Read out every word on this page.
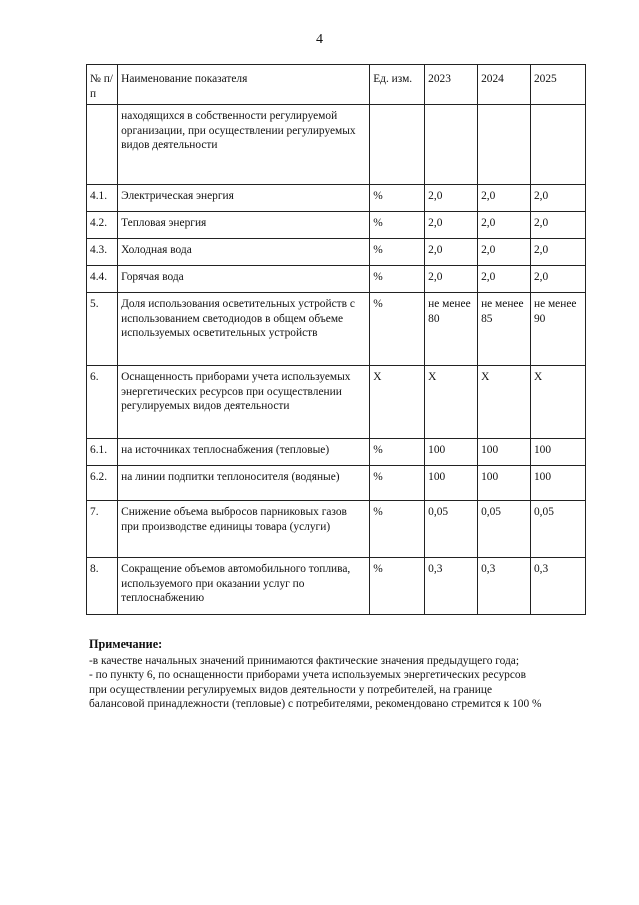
4
№ п/п	Наименование показателя	Ед. изм.	2023	2024	2025
	находящихся в собственности регулируемой организации, при осуществлении регулируемых видов деятельности				
4.1.	Электрическая энергия	%	2,0	2,0	2,0
4.2.	Тепловая энергия	%	2,0	2,0	2,0
4.3.	Холодная вода	%	2,0	2,0	2,0
4.4.	Горячая вода	%	2,0	2,0	2,0
5.	Доля использования осветительных устройств с использованием светодиодов в общем объеме используемых осветительных устройств	%	не менее 80	не менее 85	не менее 90
6.	Оснащенность приборами учета используемых энергетических ресурсов при осуществлении регулируемых видов деятельности	X	X	X	X
6.1.	на источниках теплоснабжения (тепловые)	%	100	100	100
6.2.	на линии подпитки теплоносителя (водяные)	%	100	100	100
7.	Снижение объема выбросов парниковых газов при производстве единицы товара (услуги)	%	0,05	0,05	0,05
8.	Сокращение объемов автомобильного топлива, используемого при оказании услуг по теплоснабжению	%	0,3	0,3	0,3
Примечание:
-в качестве начальных значений принимаются фактические значения предыдущего года;
- по пункту 6, по оснащенности приборами учета используемых энергетических ресурсов
при осуществлении регулируемых видов деятельности у потребителей, на границе
балансовой принадлежности (тепловые) с потребителями, рекомендовано стремится к 100 %
